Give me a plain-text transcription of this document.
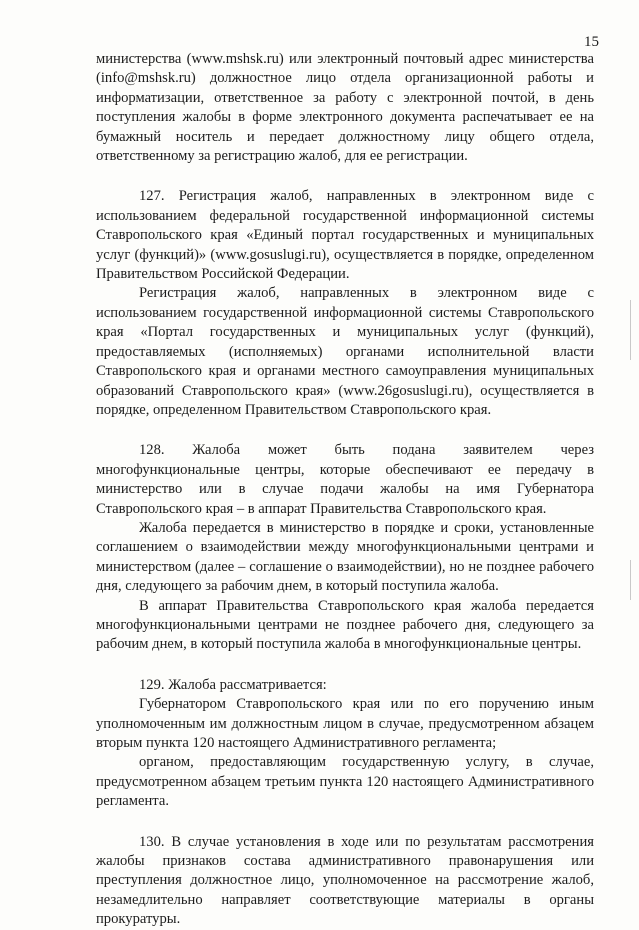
15

министерства (www.mshsk.ru) или электронный почтовый адрес министерства (info@mshsk.ru) должностное лицо отдела организационной работы и информатизации, ответственное за работу с электронной почтой, в день поступления жалобы в форме электронного документа распечатывает ее на бумажный носитель и передает должностному лицу общего отдела, ответственному за регистрацию жалоб, для ее регистрации.

127. Регистрация жалоб, направленных в электронном виде с использованием федеральной государственной информационной системы Ставропольского края «Единый портал государственных и муниципальных услуг (функций)» (www.gosuslugi.ru), осуществляется в порядке, определенном Правительством Российской Федерации.

Регистрация жалоб, направленных в электронном виде с использованием государственной информационной системы Ставропольского края «Портал государственных и муниципальных услуг (функций), предоставляемых (исполняемых) органами исполнительной власти Ставропольского края и органами местного самоуправления муниципальных образований Ставропольского края» (www.26gosuslugi.ru), осуществляется в порядке, определенном Правительством Ставропольского края.

128. Жалоба может быть подана заявителем через многофункциональные центры, которые обеспечивают ее передачу в министерство или в случае подачи жалобы на имя Губернатора Ставропольского края – в аппарат Правительства Ставропольского края.

Жалоба передается в министерство в порядке и сроки, установленные соглашением о взаимодействии между многофункциональными центрами и министерством (далее – соглашение о взаимодействии), но не позднее рабочего дня, следующего за рабочим днем, в который поступила жалоба.

В аппарат Правительства Ставропольского края жалоба передается многофункциональными центрами не позднее рабочего дня, следующего за рабочим днем, в который поступила жалоба в многофункциональные центры.

129. Жалоба рассматривается:

Губернатором Ставропольского края или по его поручению иным уполномоченным им должностным лицом в случае, предусмотренном абзацем вторым пункта 120 настоящего Административного регламента;

органом, предоставляющим государственную услугу, в случае, предусмотренном абзацем третьим пункта 120 настоящего Административного регламента.

130. В случае установления в ходе или по результатам рассмотрения жалобы признаков состава административного правонарушения или преступления должностное лицо, уполномоченное на рассмотрение жалоб, незамедлительно направляет соответствующие материалы в органы прокуратуры.
